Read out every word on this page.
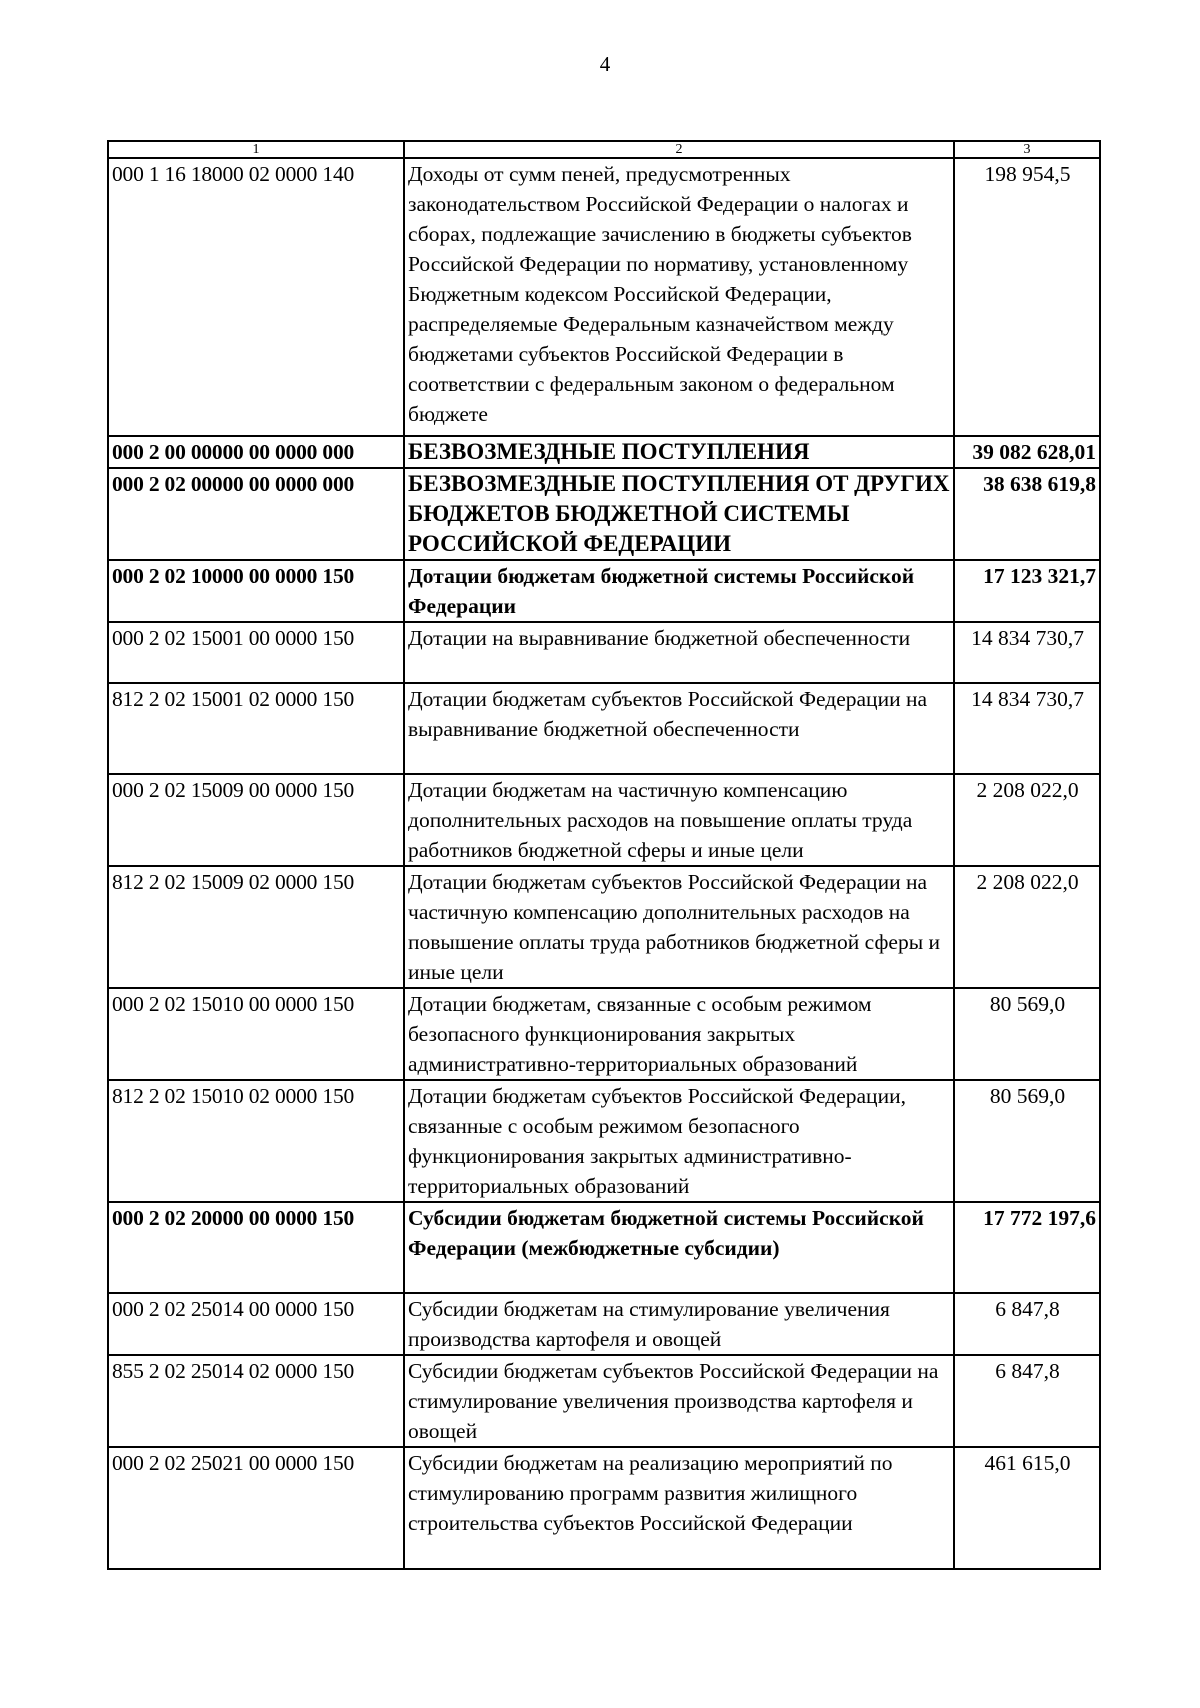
4
1	2	3
000 1 16 18000 02 0000 140	Доходы от сумм пеней, предусмотренных законодательством Российской Федерации о налогах и сборах, подлежащие зачислению в бюджеты субъектов Российской Федерации по нормативу, установленному Бюджетным кодексом Российской Федерации, распределяемые Федеральным казначейством между бюджетами субъектов Российской Федерации в соответствии с федеральным законом о федеральном бюджете	198 954,5
000 2 00 00000 00 0000 000	БЕЗВОЗМЕЗДНЫЕ ПОСТУПЛЕНИЯ	39 082 628,01
000 2 02 00000 00 0000 000	БЕЗВОЗМЕЗДНЫЕ ПОСТУПЛЕНИЯ ОТ ДРУГИХ БЮДЖЕТОВ БЮДЖЕТНОЙ СИСТЕМЫ РОССИЙСКОЙ ФЕДЕРАЦИИ	38 638 619,8
000 2 02 10000 00 0000 150	Дотации бюджетам бюджетной системы Российской Федерации	17 123 321,7
000 2 02 15001 00 0000 150	Дотации на выравнивание бюджетной обеспеченности	14 834 730,7
812 2 02 15001 02 0000 150	Дотации бюджетам субъектов Российской Федерации на выравнивание бюджетной обеспеченности	14 834 730,7
000 2 02 15009 00 0000 150	Дотации бюджетам на частичную компенсацию дополнительных расходов на повышение оплаты труда работников бюджетной сферы и иные цели	2 208 022,0
812 2 02 15009 02 0000 150	Дотации бюджетам субъектов Российской Федерации на частичную компенсацию дополнительных расходов на повышение оплаты труда работников бюджетной сферы и иные цели	2 208 022,0
000 2 02 15010 00 0000 150	Дотации бюджетам, связанные с особым режимом безопасного функционирования закрытых административно-территориальных образований	80 569,0
812 2 02 15010 02 0000 150	Дотации бюджетам субъектов Российской Федерации, связанные с особым режимом безопасного функционирования закрытых административно-территориальных образований	80 569,0
000 2 02 20000 00 0000 150	Субсидии бюджетам бюджетной системы Российской Федерации (межбюджетные субсидии)	17 772 197,6
000 2 02 25014 00 0000 150	Субсидии бюджетам на стимулирование увеличения производства картофеля и овощей	6 847,8
855 2 02 25014 02 0000 150	Субсидии бюджетам субъектов Российской Федерации на стимулирование увеличения производства картофеля и овощей	6 847,8
000 2 02 25021 00 0000 150	Субсидии бюджетам на реализацию мероприятий по стимулированию программ развития жилищного строительства субъектов Российской Федерации	461 615,0
